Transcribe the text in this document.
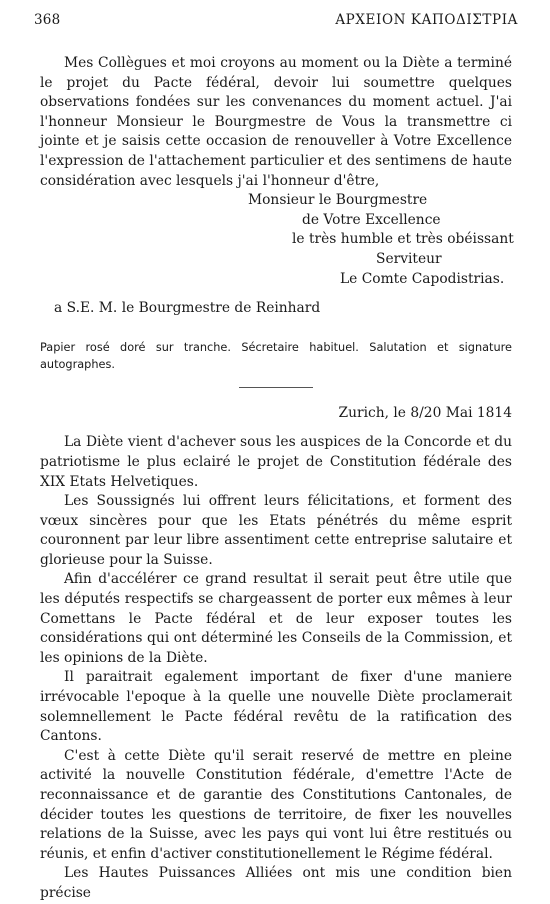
368	ΑΡΧΕΙΟΝ ΚΑΠΟΔΙΣΤΡΙΑ

Mes Collègues et moi croyons au moment ou la Diète a terminé le projet du Pacte fédéral, devoir lui soumettre quelques observations fondées sur les convenances du moment actuel. J'ai l'honneur Monsieur le Bourgmestre de Vous la transmettre ci jointe et je saisis cette occasion de renouveller à Votre Excellence l'expression de l'attachement particulier et des sentimens de haute considération avec lesquels j'ai l'honneur d'être,

Monsieur le Bourgmestre
de Votre Excellence
le très humble et très obéissant
Serviteur
Le Comte Capodistrias.

a S.E. M. le Bourgmestre de Reinhard

Papier rosé doré sur tranche. Sécretaire habituel. Salutation et signature autographes.

Zurich, le 8/20 Mai 1814

La Diète vient d'achever sous les auspices de la Concorde et du patriotisme le plus eclairé le projet de Constitution fédérale des XIX Etats Helvetiques.

Les Soussignés lui offrent leurs félicitations, et forment des vœux sincères pour que les Etats pénétrés du même esprit couronnent par leur libre assentiment cette entreprise salutaire et glorieuse pour la Suisse.

Afin d'accélérer ce grand resultat il serait peut être utile que les députés respectifs se chargeassent de porter eux mêmes à leur Comettans le Pacte fédéral et de leur exposer toutes les considérations qui ont déterminé les Conseils de la Commission, et les opinions de la Diète.

Il paraitrait egalement important de fixer d'une maniere irrévocable l'epoque à la quelle une nouvelle Diète proclamerait solemnellement le Pacte fédéral revêtu de la ratification des Cantons.

C'est à cette Diète qu'il serait reservé de mettre en pleine activité la nouvelle Constitution fédérale, d'emettre l'Acte de reconnaissance et de garantie des Constitutions Cantonales, de décider toutes les questions de territoire, de fixer les nouvelles relations de la Suisse, avec les pays qui vont lui être restitués ou réunis, et enfin d'activer constitutionellement le Régime fédéral.

Les Hautes Puissances Alliées ont mis une condition bien précise
